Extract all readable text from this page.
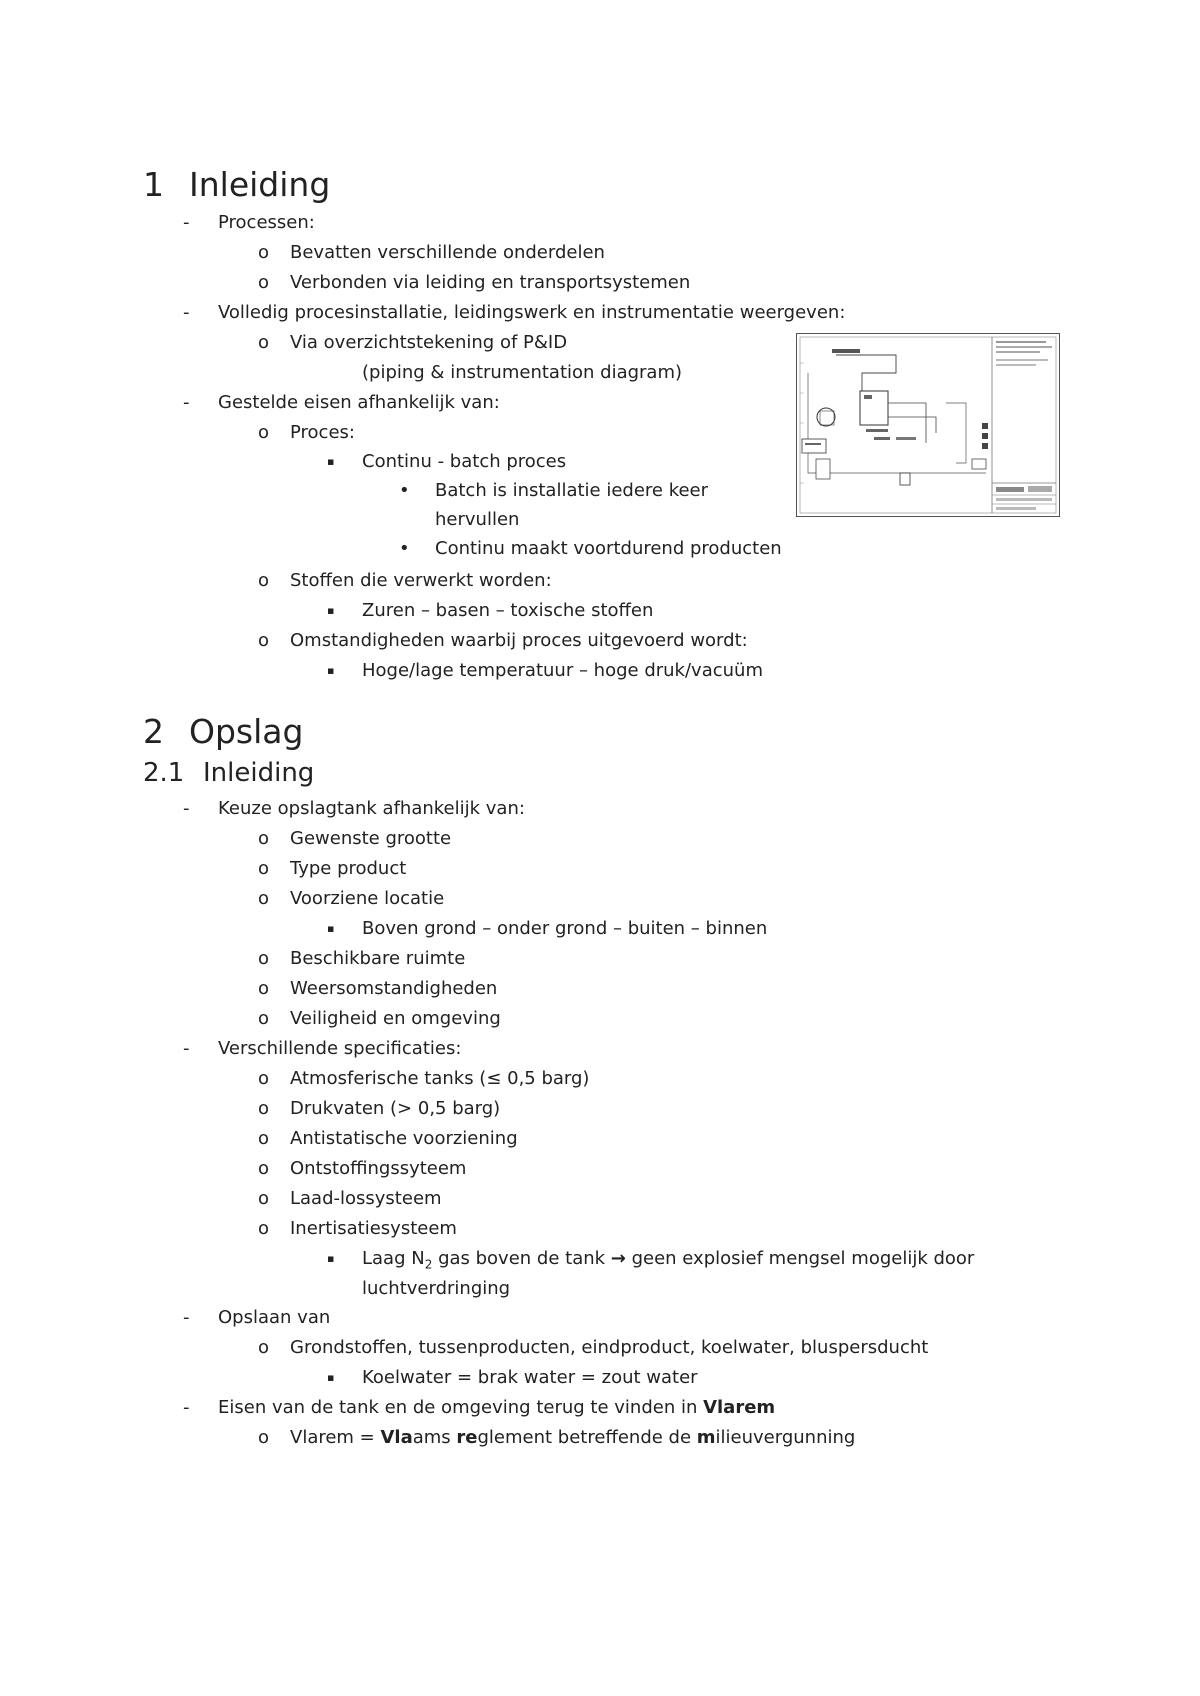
1 Inleiding
- Processen:
o Bevatten verschillende onderdelen
o Verbonden via leiding en transportsystemen
- Volledig procesinstallatie, leidingswerk en instrumentatie weergeven:
o Via overzichtstekening of P&ID
(piping & instrumentation diagram)
- Gestelde eisen afhankelijk van:
o Proces:
▪ Continu - batch proces
• Batch is installatie iedere keer
hervullen
• Continu maakt voortdurend producten
o Stoffen die verwerkt worden:
▪ Zuren – basen – toxische stoffen
o Omstandigheden waarbij proces uitgevoerd wordt:
▪ Hoge/lage temperatuur – hoge druk/vacuüm
2 Opslag
2.1 Inleiding
- Keuze opslagtank afhankelijk van:
o Gewenste grootte
o Type product
o Voorziene locatie
▪ Boven grond – onder grond – buiten – binnen
o Beschikbare ruimte
o Weersomstandigheden
o Veiligheid en omgeving
- Verschillende specificaties:
o Atmosferische tanks (≤ 0,5 barg)
o Drukvaten (> 0,5 barg)
o Antistatische voorziening
o Ontstoffingssyteem
o Laad-lossysteem
o Inertisatiesysteem
▪ Laag $N_2$ gas boven de tank → geen explosief mengsel mogelijk door
luchtverdringing
- Opslaan van
o Grondstoffen, tussenproducten, eindproduct, koelwater, bluspersducht
▪ Koelwater = brak water = zout water
- Eisen van de tank en de omgeving terug te vinden in Vlarem
o Vlarem = Vlaams reglement betreffende de milieuvergunning
